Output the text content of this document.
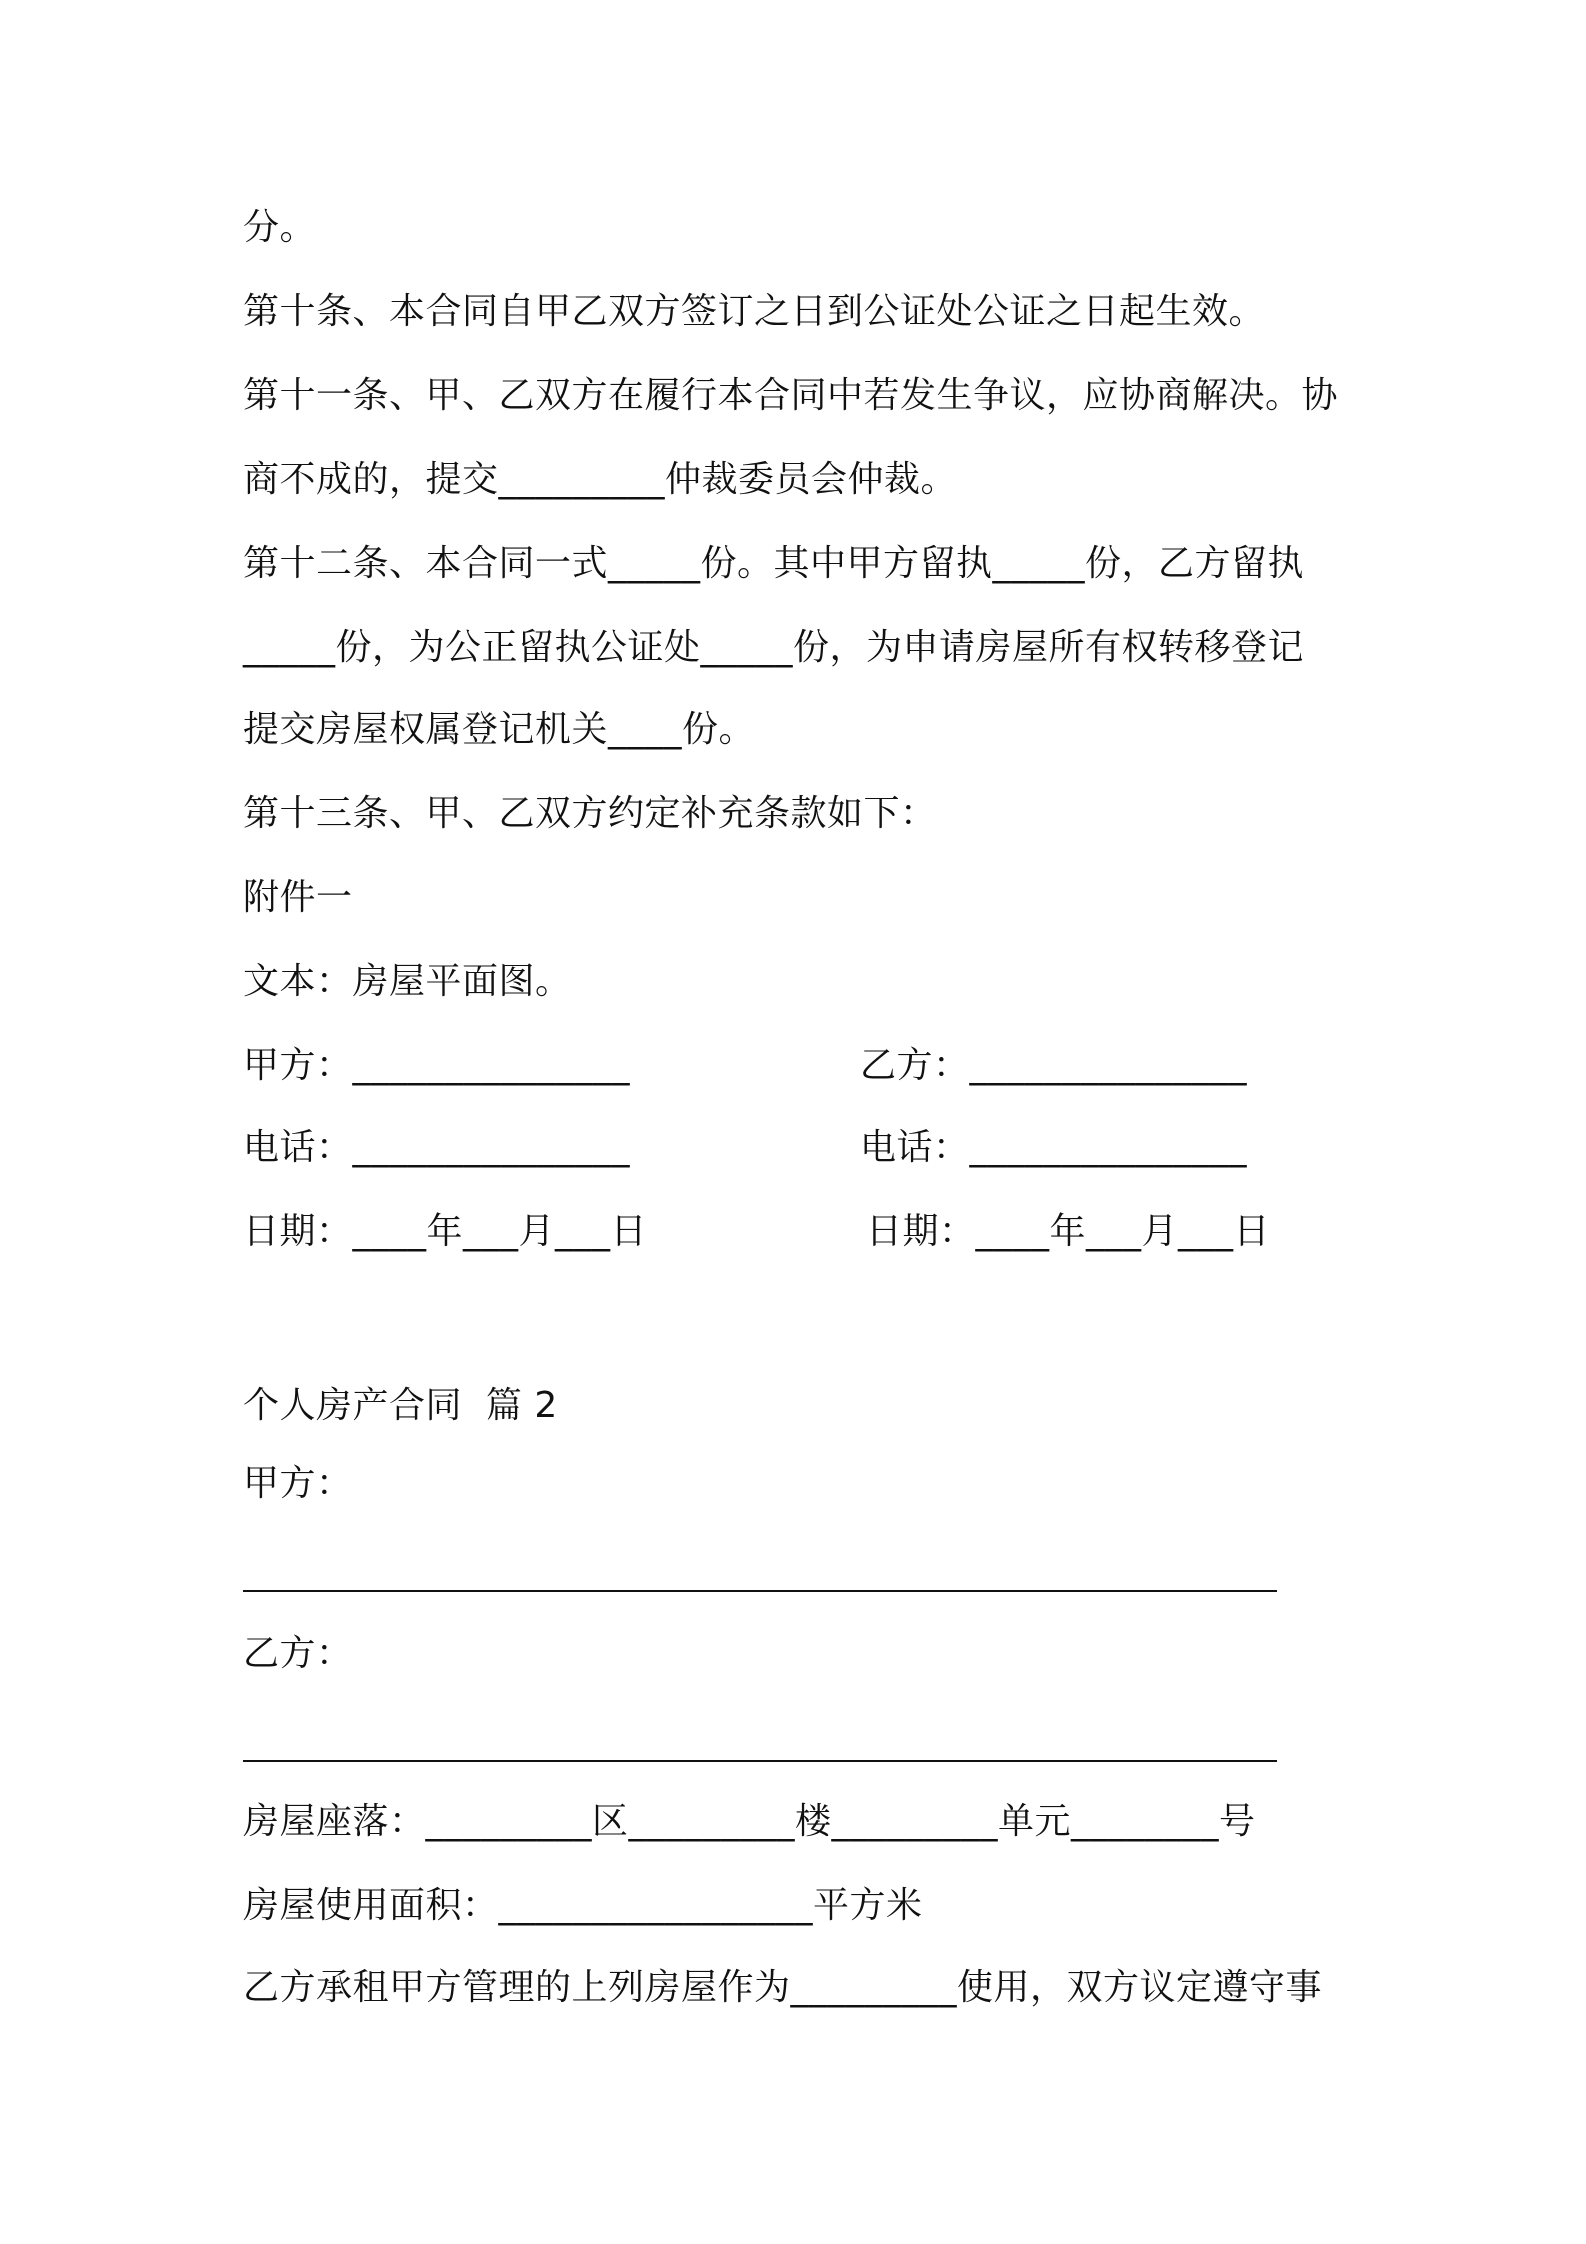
分。
第十条、本合同自甲乙双方签订之日到公证处公证之日起生效。
第十一条、甲、乙双方在履行本合同中若发生争议，应协商解决。协
商不成的，提交_________仲裁委员会仲裁。
第十二条、本合同一式_____份。其中甲方留执_____份，乙方留执
_____份，为公正留执公证处_____份，为申请房屋所有权转移登记
提交房屋权属登记机关____份。
第十三条、甲、乙双方约定补充条款如下：
附件一
文本：房屋平面图。
甲方：_______________	乙方：_______________
电话：_______________	电话：_______________
日期：____年___月___日	日期：____年___月___日
个人房产合同  篇 2
甲方：
乙方：
房屋座落：_________区_________楼_________单元________号
房屋使用面积：_________________平方米
乙方承租甲方管理的上列房屋作为_________使用，双方议定遵守事
